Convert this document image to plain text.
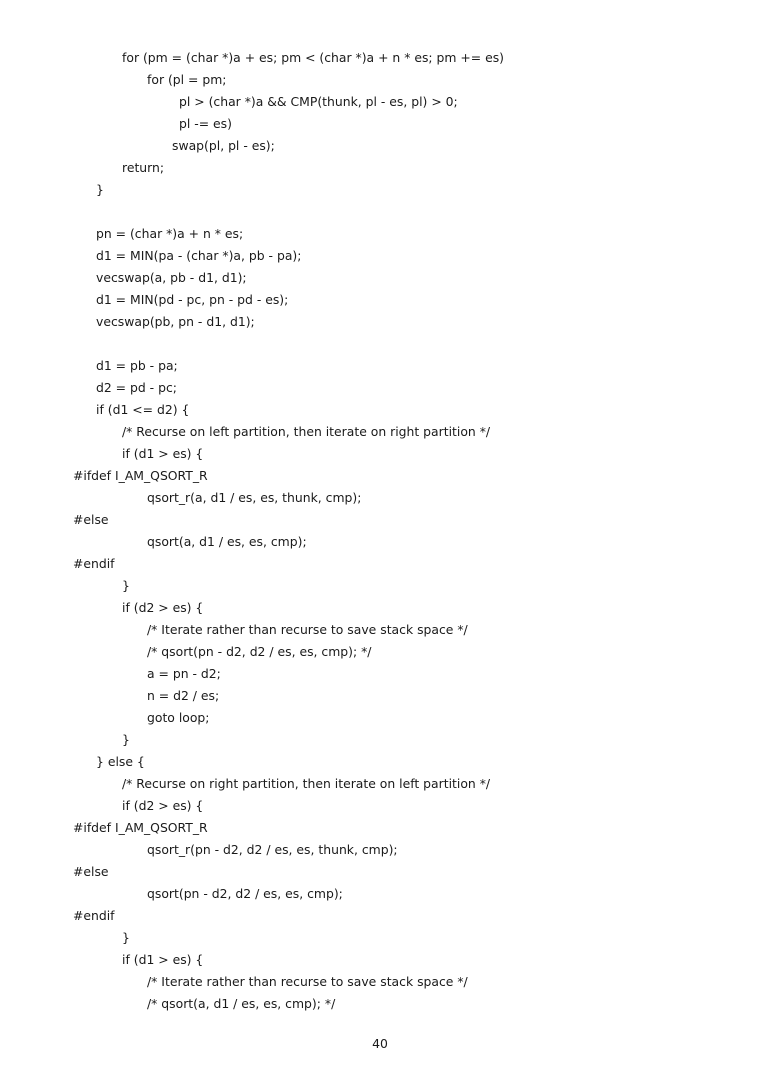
for (pm = (char *)a + es; pm < (char *)a + n * es; pm += es)
for (pl = pm;
pl > (char *)a && CMP(thunk, pl - es, pl) > 0;
pl -= es)
swap(pl, pl - es);
return;
}
pn = (char *)a + n * es;
d1 = MIN(pa - (char *)a, pb - pa);
vecswap(a, pb - d1, d1);
d1 = MIN(pd - pc, pn - pd - es);
vecswap(pb, pn - d1, d1);
d1 = pb - pa;
d2 = pd - pc;
if (d1 <= d2) {
/* Recurse on left partition, then iterate on right partition */
if (d1 > es) {
#ifdef I_AM_QSORT_R
qsort_r(a, d1 / es, es, thunk, cmp);
#else
qsort(a, d1 / es, es, cmp);
#endif
}
if (d2 > es) {
/* Iterate rather than recurse to save stack space */
/* qsort(pn - d2, d2 / es, es, cmp); */
a = pn - d2;
n = d2 / es;
goto loop;
}
} else {
/* Recurse on right partition, then iterate on left partition */
if (d2 > es) {
#ifdef I_AM_QSORT_R
qsort_r(pn - d2, d2 / es, es, thunk, cmp);
#else
qsort(pn - d2, d2 / es, es, cmp);
#endif
}
if (d1 > es) {
/* Iterate rather than recurse to save stack space */
/* qsort(a, d1 / es, es, cmp); */
40
